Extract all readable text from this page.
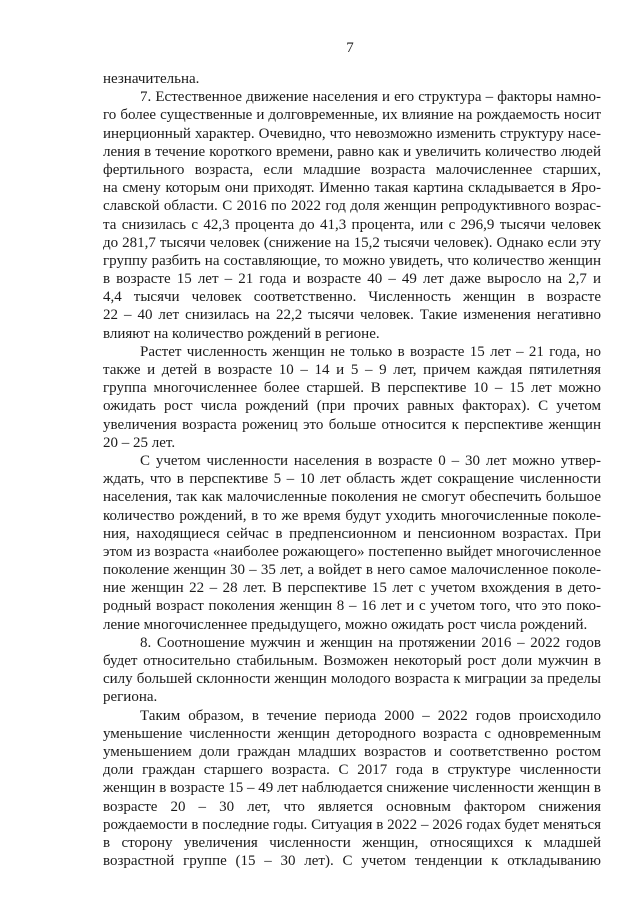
7
незначительна.
7. Естественное движение населения и его структура – факторы намно-
го более существенные и долговременные, их влияние на рождаемость носит
инерционный характер. Очевидно, что невозможно изменить структуру насе-
ления в течение короткого времени, равно как и увеличить количество людей
фертильного возраста, если младшие возраста малочисленнее старших,
на смену которым они приходят. Именно такая картина складывается в Яро-
славской области. С 2016 по 2022 год доля женщин репродуктивного возрас-
та снизилась с 42,3 процента до 41,3 процента, или с 296,9 тысячи человек
до 281,7 тысячи человек (снижение на 15,2 тысячи человек). Однако если эту
группу разбить на составляющие, то можно увидеть, что количество женщин
в возрасте 15 лет – 21 года и возрасте 40 – 49 лет даже выросло на 2,7 и
4,4 тысячи человек соответственно. Численность женщин в возрасте
22 – 40 лет снизилась на 22,2 тысячи человек. Такие изменения негативно
влияют на количество рождений в регионе.
Растет численность женщин не только в возрасте 15 лет – 21 года, но
также и детей в возрасте 10 – 14 и 5 – 9 лет, причем каждая пятилетняя
группа многочисленнее более старшей. В перспективе 10 – 15 лет можно
ожидать рост числа рождений (при прочих равных факторах). С учетом
увеличения возраста рожениц это больше относится к перспективе женщин
20 – 25 лет.
С учетом численности населения в возрасте 0 – 30 лет можно утвер-
ждать, что в перспективе 5 – 10 лет область ждет сокращение численности
населения, так как малочисленные поколения не смогут обеспечить большое
количество рождений, в то же время будут уходить многочисленные поколе-
ния, находящиеся сейчас в предпенсионном и пенсионном возрастах. При
этом из возраста «наиболее рожающего» постепенно выйдет многочисленное
поколение женщин 30 – 35 лет, а войдет в него самое малочисленное поколе-
ние женщин 22 – 28 лет. В перспективе 15 лет с учетом вхождения в дето-
родный возраст поколения женщин 8 – 16 лет и с учетом того, что это поко-
ление многочисленнее предыдущего, можно ожидать рост числа рождений.
8. Соотношение мужчин и женщин на протяжении 2016 – 2022 годов
будет относительно стабильным. Возможен некоторый рост доли мужчин в
силу большей склонности женщин молодого возраста к миграции за пределы
региона.
Таким образом, в течение периода 2000 – 2022 годов происходило
уменьшение численности женщин детородного возраста с одновременным
уменьшением доли граждан младших возрастов и соответственно ростом
доли граждан старшего возраста. С 2017 года в структуре численности
женщин в возрасте 15 – 49 лет наблюдается снижение численности женщин в
возрасте 20 – 30 лет, что является основным фактором снижения
рождаемости в последние годы. Ситуация в 2022 – 2026 годах будет меняться
в сторону увеличения численности женщин, относящихся к младшей
возрастной группе (15 – 30 лет). С учетом тенденции к откладыванию
